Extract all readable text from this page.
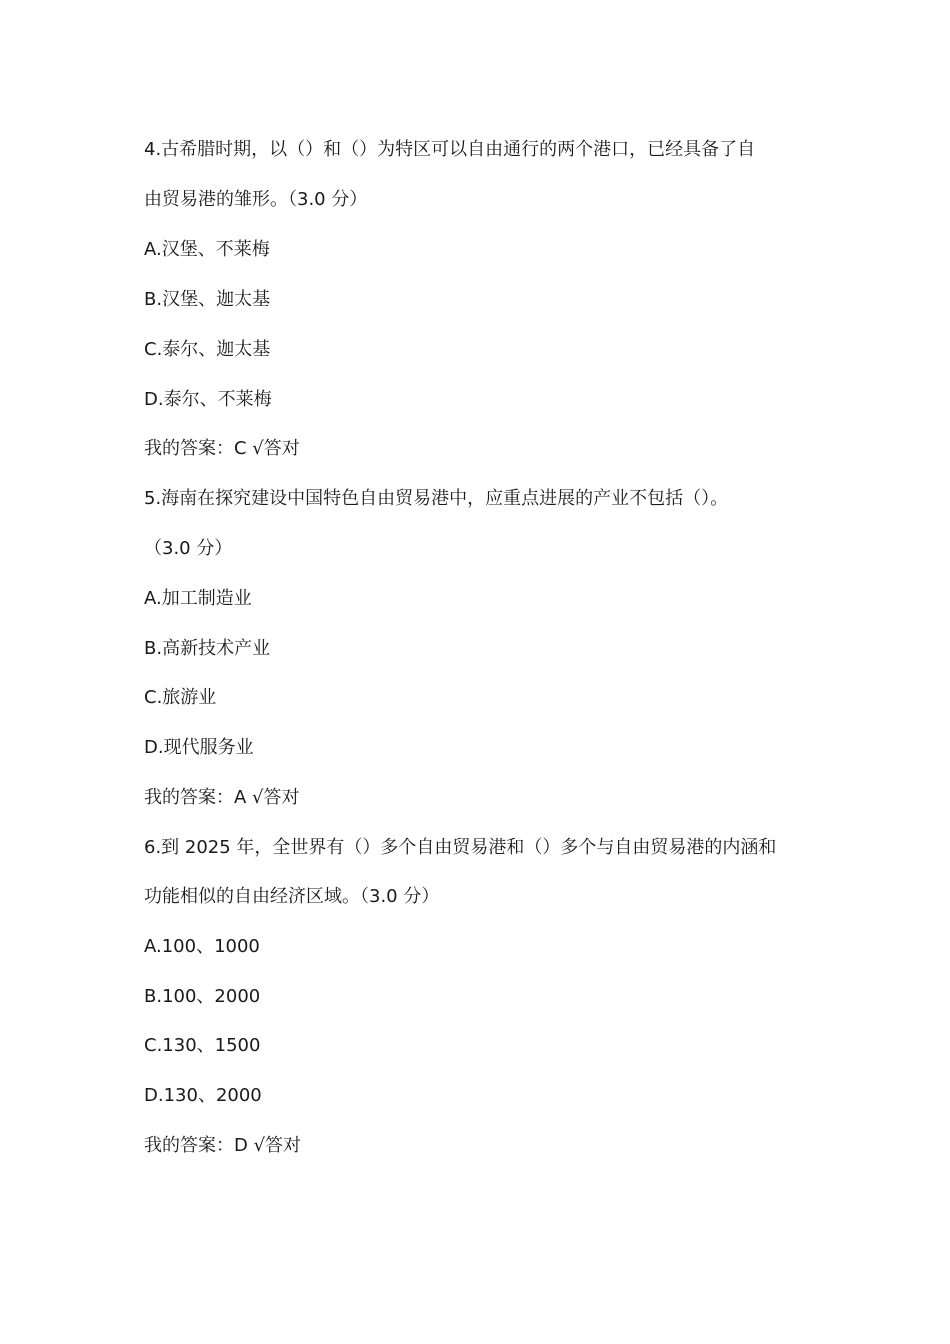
4.古希腊时期，以（）和（）为特区可以自由通行的两个港口，已经具备了自
由贸易港的雏形。（3.0 分）
A.汉堡、不莱梅
B.汉堡、迦太基
C.泰尔、迦太基
D.泰尔、不莱梅
我的答案：C √答对
5.海南在探究建设中国特色自由贸易港中，应重点进展的产业不包括（）。
（3.0 分）
A.加工制造业
B.高新技术产业
C.旅游业
D.现代服务业
我的答案：A √答对
6.到 2025 年，全世界有（）多个自由贸易港和（）多个与自由贸易港的内涵和
功能相似的自由经济区域。（3.0 分）
A.100、1000
B.100、2000
C.130、1500
D.130、2000
我的答案：D √答对
